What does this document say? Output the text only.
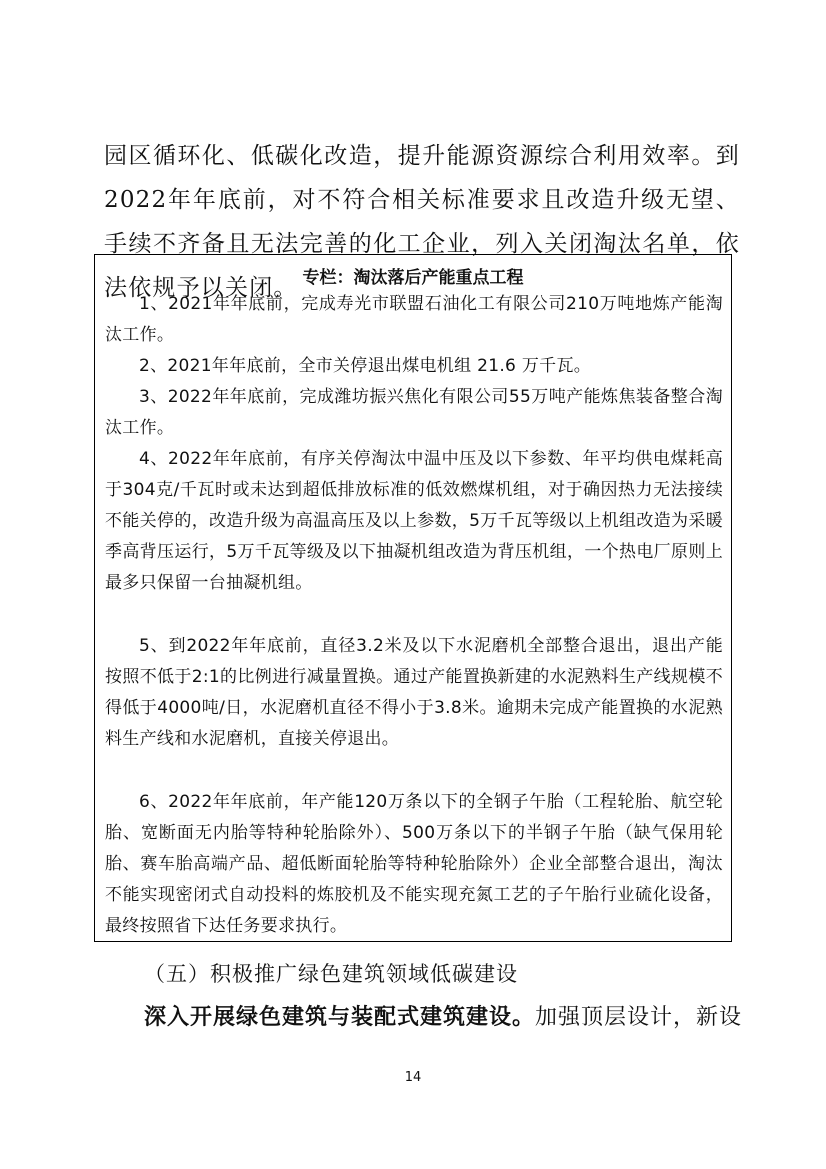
园区循环化、低碳化改造，提升能源资源综合利用效率。到2022年年底前，对不符合相关标准要求且改造升级无望、手续不齐备且无法完善的化工企业，列入关闭淘汰名单，依法依规予以关闭。 专栏：淘汰落后产能重点工程

1、2021年年底前，完成寿光市联盟石油化工有限公司210万吨地炼产能淘汰工作。

2、2021年年底前，全市关停退出煤电机组 21.6 万千瓦。

3、2022年年底前，完成潍坊振兴焦化有限公司55万吨产能炼焦装备整合淘汰工作。

4、2022年年底前，有序关停淘汰中温中压及以下参数、年平均供电煤耗高于304克/千瓦时或未达到超低排放标准的低效燃煤机组，对于确因热力无法接续不能关停的，改造升级为高温高压及以上参数，5万千瓦等级以上机组改造为采暖季高背压运行，5万千瓦等级及以下抽凝机组改造为背压机组，一个热电厂原则上最多只保留一台抽凝机组。

5、到2022年年底前，直径3.2米及以下水泥磨机全部整合退出，退出产能按照不低于2:1的比例进行减量置换。通过产能置换新建的水泥熟料生产线规模不得低于4000吨/日，水泥磨机直径不得小于3.8米。逾期未完成产能置换的水泥熟料生产线和水泥磨机，直接关停退出。

6、2022年年底前，年产能120万条以下的全钢子午胎（工程轮胎、航空轮胎、宽断面无内胎等特种轮胎除外）、500万条以下的半钢子午胎（缺气保用轮胎、赛车胎高端产品、超低断面轮胎等特种轮胎除外）企业全部整合退出，淘汰不能实现密闭式自动投料的炼胶机及不能实现充氮工艺的子午胎行业硫化设备，最终按照省下达任务要求执行。

（五）积极推广绿色建筑领域低碳建设

深入开展绿色建筑与装配式建筑建设。加强顶层设计，新设

14
